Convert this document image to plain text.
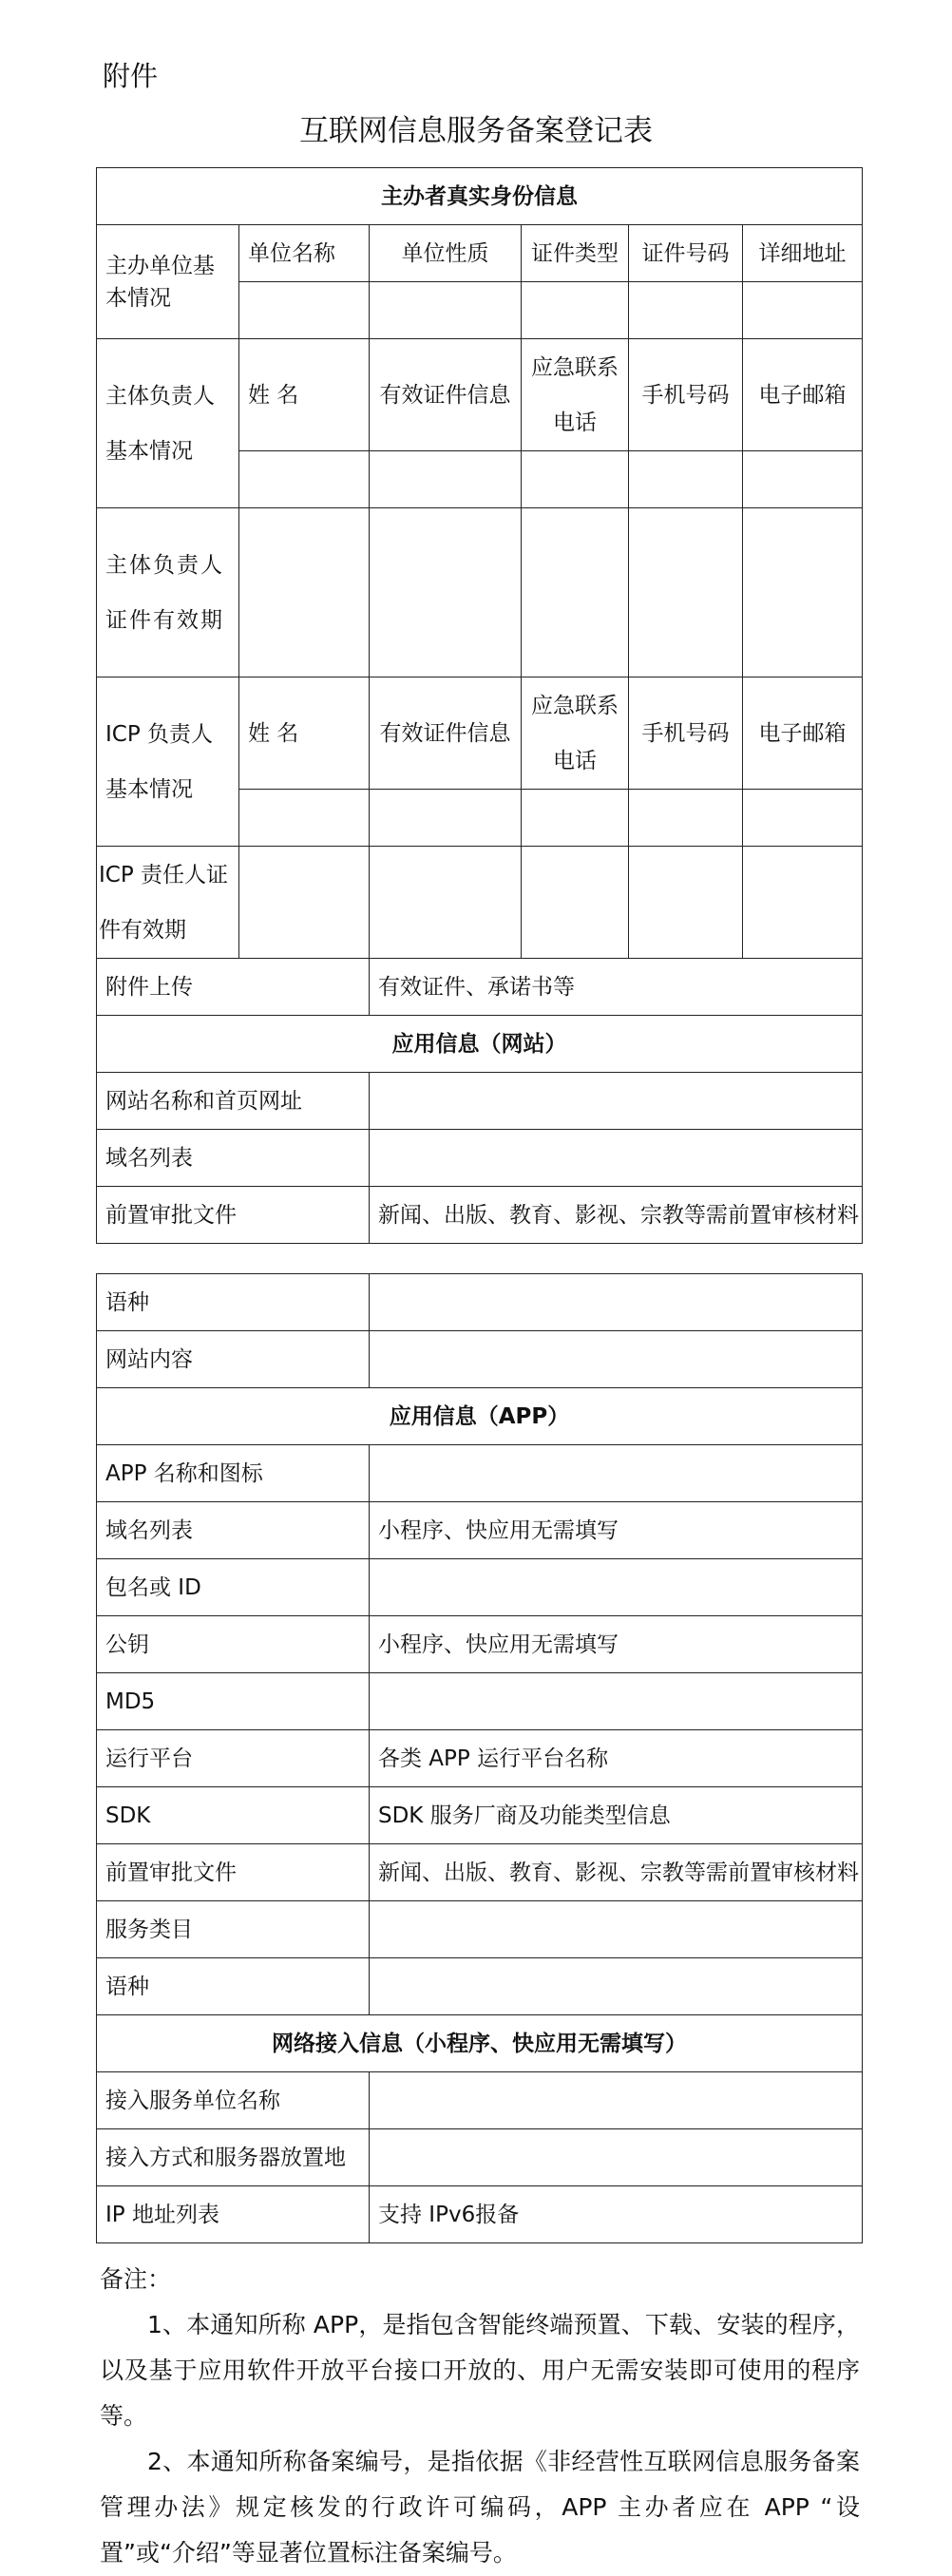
附件
互联网信息服务备案登记表
主办者真实身份信息					
主办单位基本情况	单位名称	单位性质	证件类型	证件号码	详细地址

主体负责人基本情况	姓 名	有效证件信息	应急联系电话	手机号码	电子邮箱

主体负责人证件有效期					
ICP 负责人基本情况	姓 名	有效证件信息	应急联系电话	手机号码	电子邮箱

ICP 责任人证件有效期					
附件上传		有效证件、承诺书等			
应用信息（网站）					
网站名称和首页网址					
域名列表					
前置审批文件		新闻、出版、教育、影视、宗教等需前置审核材料			
语种	
网站内容	
应用信息（APP）	
APP 名称和图标	
域名列表	小程序、快应用无需填写
包名或 ID	
公钥	小程序、快应用无需填写
MD5	
运行平台	各类 APP 运行平台名称
SDK	SDK 服务厂商及功能类型信息
前置审批文件	新闻、出版、教育、影视、宗教等需前置审核材料
服务类目	
语种	
网络接入信息（小程序、快应用无需填写）	
接入服务单位名称	
接入方式和服务器放置地	
IP 地址列表	支持 IPv6报备

备注：

1、本通知所称 APP，是指包含智能终端预置、下载、安装的程序，以及基于应用软件开放平台接口开放的、用户无需安装即可使用的程序等。

2、本通知所称备案编号，是指依据《非经营性互联网信息服务备案管理办法》规定核发的行政许可编码，APP 主办者应在 APP “设置”或“介绍”等显著位置标注备案编号。
